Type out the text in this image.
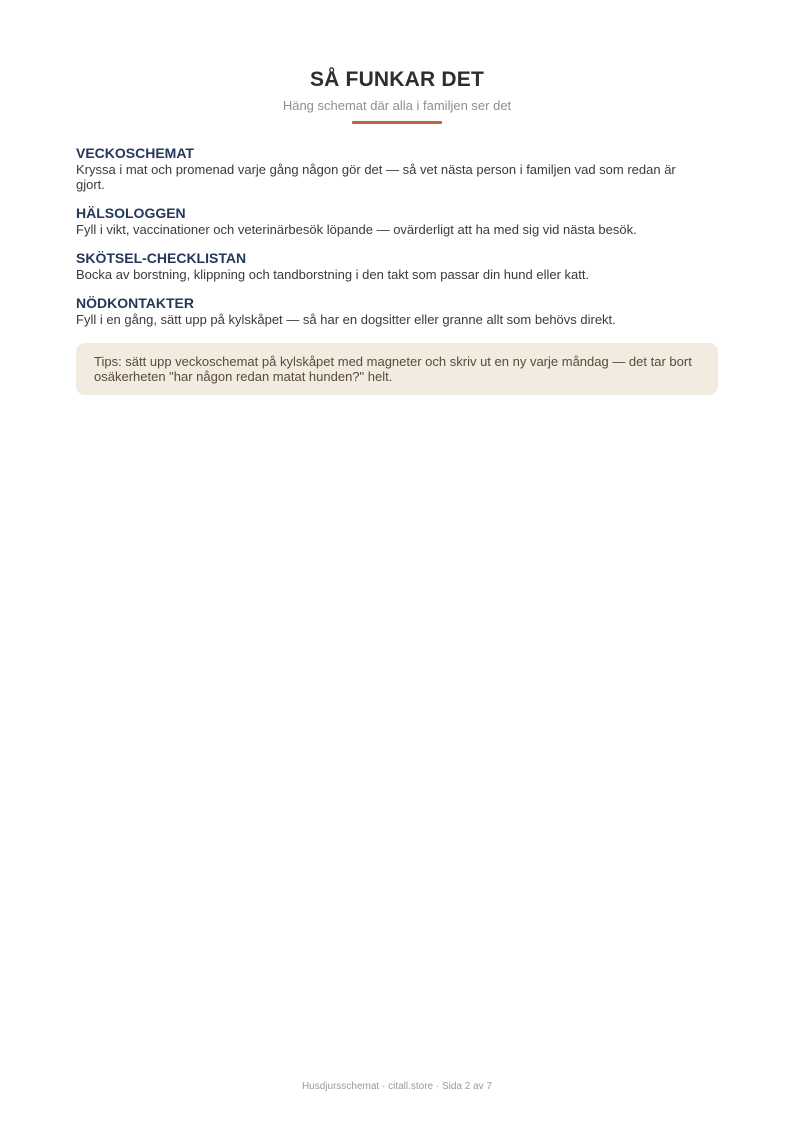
SÅ FUNKAR DET

Häng schemat där alla i familjen ser det

VECKOSCHEMAT

Kryssa i mat och promenad varje gång någon gör det — så vet nästa person i familjen vad som redan är gjort.

HÄLSOLOGGEN

Fyll i vikt, vaccinationer och veterinärbesök löpande — ovärderligt att ha med sig vid nästa besök.

SKÖTSEL-CHECKLISTAN

Bocka av borstning, klippning och tandborstning i den takt som passar din hund eller katt.

NÖDKONTAKTER

Fyll i en gång, sätt upp på kylskåpet — så har en dogsitter eller granne allt som behövs direkt.

Tips: sätt upp veckoschemat på kylskåpet med magneter och skriv ut en ny varje måndag — det tar bort osäkerheten "har någon redan matat hunden?" helt.
Husdjursschemat · citall.store · Sida 2 av 7
